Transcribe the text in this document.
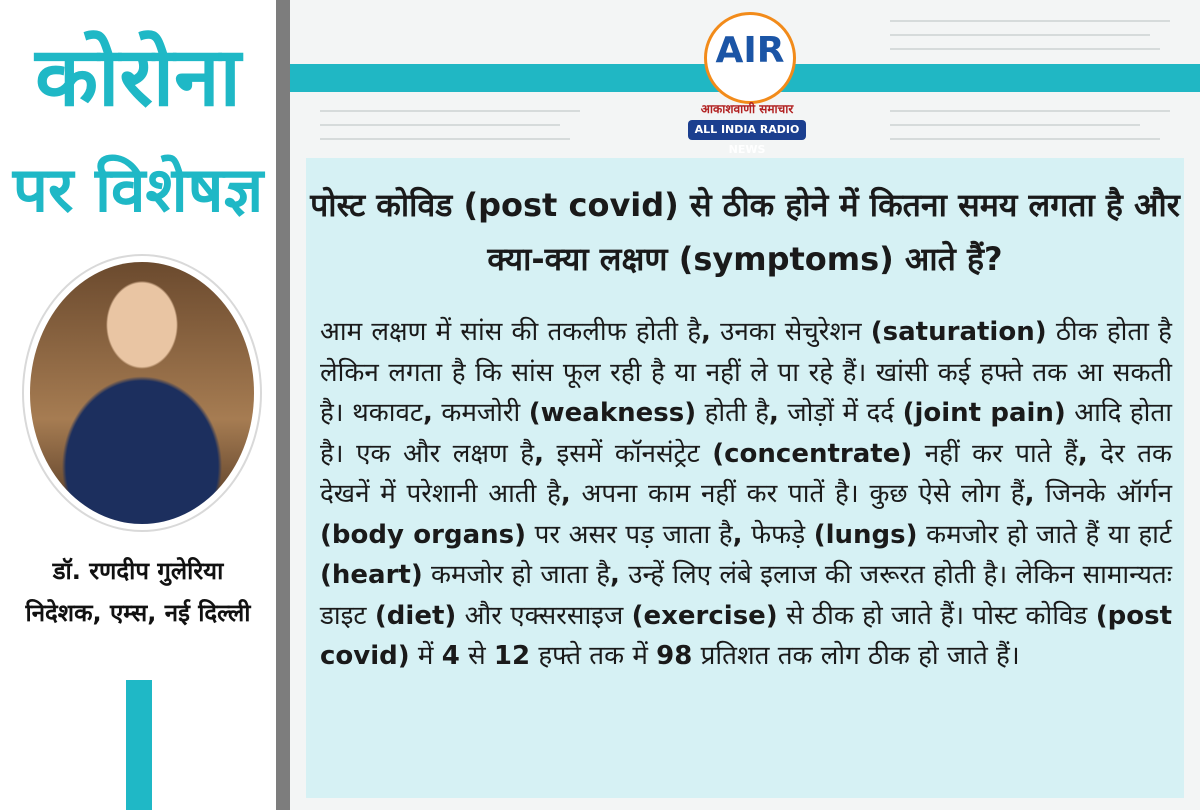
कोरोना
पर विशेषज्ञ
डॉ. रणदीप गुलेरिया
निदेशक, एम्स, नई दिल्ली
AIR
आकाशवाणी समाचार
ALL INDIA RADIO NEWS
पोस्ट कोविड (post covid) से ठीक होने में कितना समय लगता है और क्या-क्या लक्षण (symptoms) आते हैं?
आम लक्षण में सांस की तकलीफ होती है, उनका सेचुरेशन (saturation) ठीक होता है लेकिन लगता है कि सांस फूल रही है या नहीं ले पा रहे हैं। खांसी कई हफ्ते तक आ सकती है। थकावट, कमजोरी (weakness) होती है, जोड़ों में दर्द (joint pain) आदि होता है। एक और लक्षण है, इसमें कॉनसंट्रेट (concentrate) नहीं कर पाते हैं, देर तक देखनें में परेशानी आती है, अपना काम नहीं कर पातें है। कुछ ऐसे लोग हैं, जिनके ऑर्गन (body organs) पर असर पड़ जाता है, फेफड़े (lungs) कमजोर हो जाते हैं या हार्ट (heart) कमजोर हो जाता है, उन्हें लिए लंबे इलाज की जरूरत होती है। लेकिन सामान्यतः डाइट (diet) और एक्सरसाइज (exercise) से ठीक हो जाते हैं। पोस्ट कोविड (post covid) में 4 से 12 हफ्ते तक में 98 प्रतिशत तक लोग ठीक हो जाते हैं।
